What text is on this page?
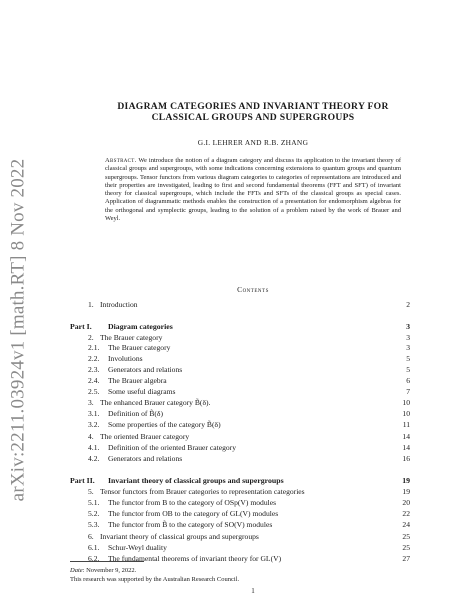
arXiv:2211.03924v1 [math.RT] 8 Nov 2022
DIAGRAM CATEGORIES AND INVARIANT THEORY FOR
CLASSICAL GROUPS AND SUPERGROUPS
G.I. LEHRER AND R.B. ZHANG
Abstract. We introduce the notion of a diagram category and discuss its application to the invariant theory of classical groups and supergroups, with some indications concerning extensions to quantum groups and quantum supergroups. Tensor functors from various diagram categories to categories of representations are introduced and their properties are investigated, leading to first and second fundamental theorems (FFT and SFT) of invariant theory for classical supergroups, which include the FFTs and SFTs of the classical groups as special cases. Application of diagrammatic methods enables the construction of a presentation for endomorphism algebras for the orthogonal and symplectic groups, leading to the solution of a problem raised by the work of Brauer and Weyl.
Contents
1. Introduction	2
Part I. Diagram categories	3
2. The Brauer category	3
2.1. The Brauer category	3
2.2. Involutions	5
2.3. Generators and relations	5
2.4. The Brauer algebra	6
2.5. Some useful diagrams	7
3. The enhanced Brauer category B̃(δ).	10
3.1. Definition of B̃(δ)	10
3.2. Some properties of the category B̃(δ)	11
4. The oriented Brauer category	14
4.1. Definition of the oriented Brauer category	14
4.2. Generators and relations	16
Part II. Invariant theory of classical groups and supergroups	19
5. Tensor functors from Brauer categories to representation categories	19
5.1. The functor from B to the category of OSp(V) modules	20
5.2. The functor from OB to the category of GL(V) modules	22
5.3. The functor from B̃ to the category of SO(V) modules	24
6. Invariant theory of classical groups and supergroups	25
6.1. Schur-Weyl duality	25
6.2. The fundamental theorems of invariant theory for GL(V)	27
Date: November 9, 2022.
This research was supported by the Australian Research Council.
1
